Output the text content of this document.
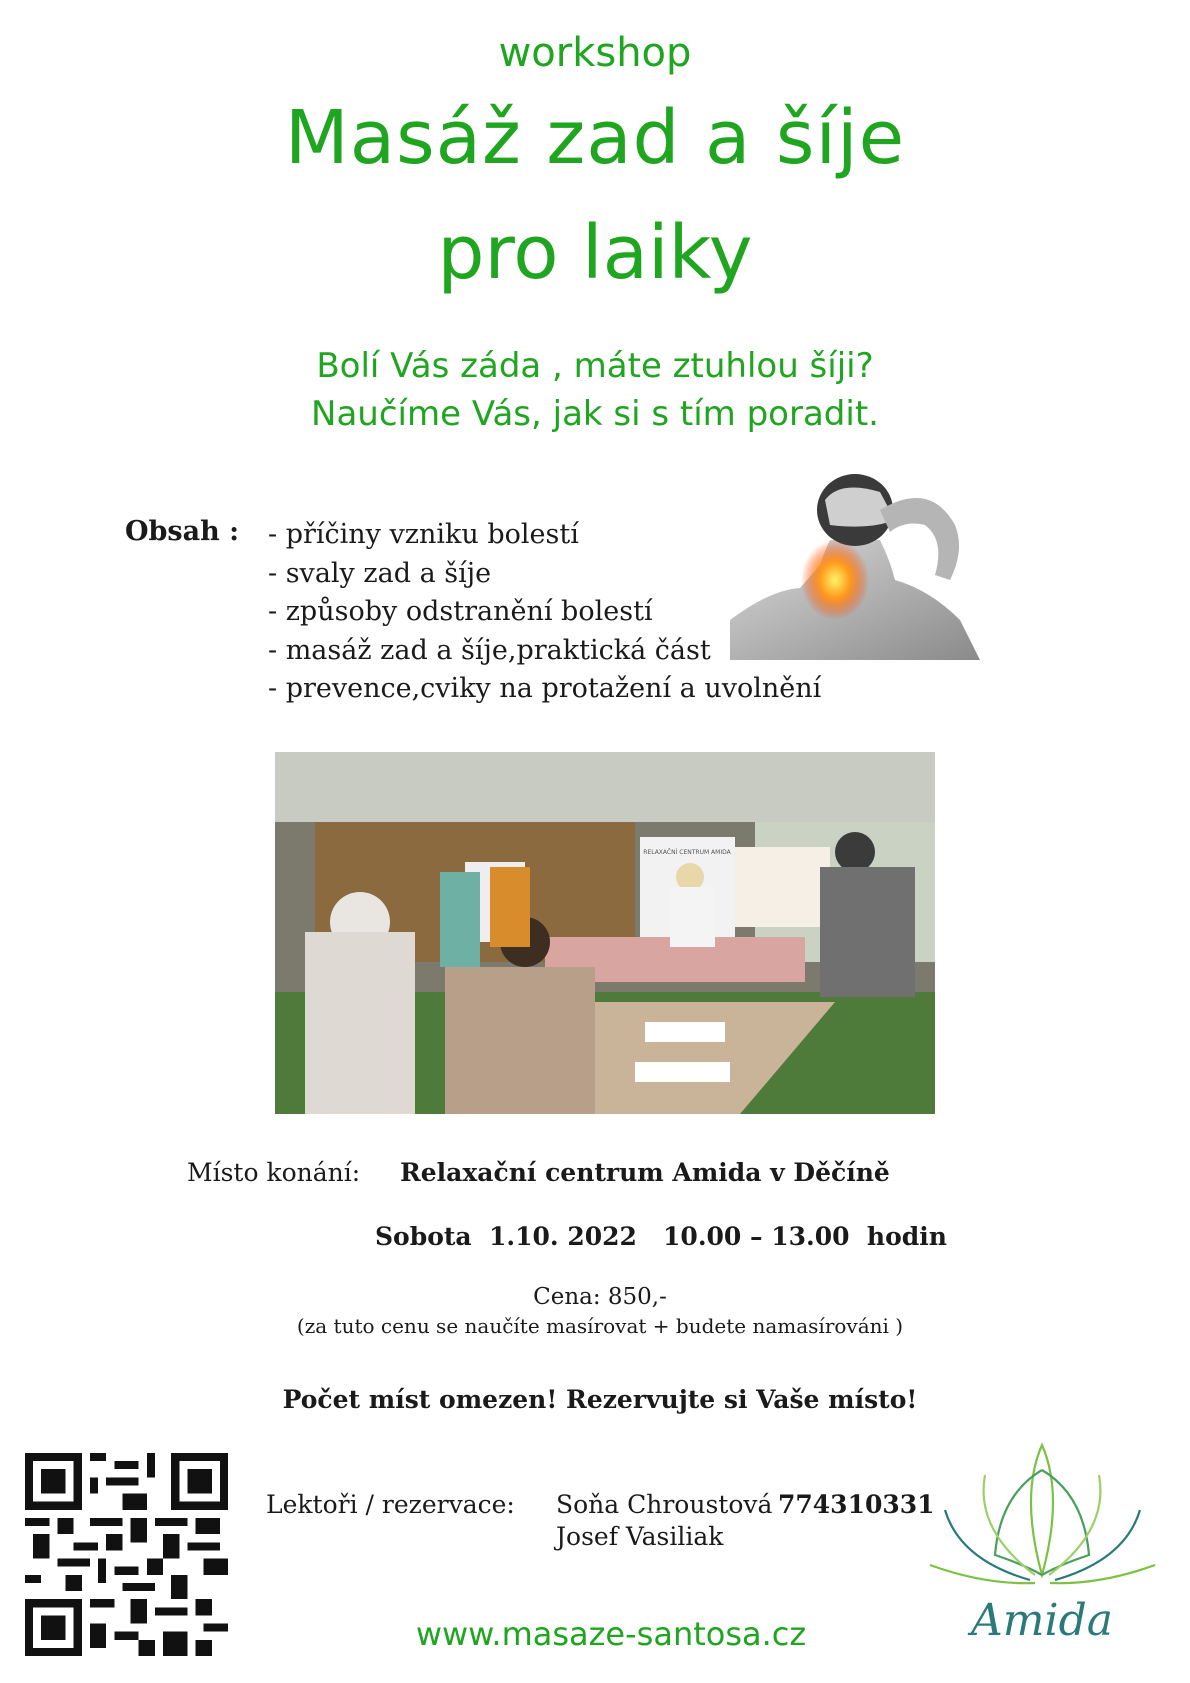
workshop
Masáž zad a šíje
pro laiky
Bolí Vás záda , máte ztuhlou šíji?
Naučíme Vás, jak si s tím poradit.
Obsah : - příčiny vzniku bolestí
- svaly zad a šíje
- způsoby odstranění bolestí
- masáž zad a šíje,praktická část
- prevence,cviky na protažení a uvolnění
RELAXAČNÍ CENTRUM AMIDA
Místo konání: Relaxační centrum Amida v Děčíně
Sobota  1.10. 2022   10.00 – 13.00  hodin
Cena: 850,-
(za tuto cenu se naučíte masírovat + budete namasírováni )
Počet míst omezen! Rezervujte si Vaše místo!
Lektoři / rezervace: Soňa Chroustová 774310331
Josef Vasiliak
www.masaze-santosa.cz	Amida
